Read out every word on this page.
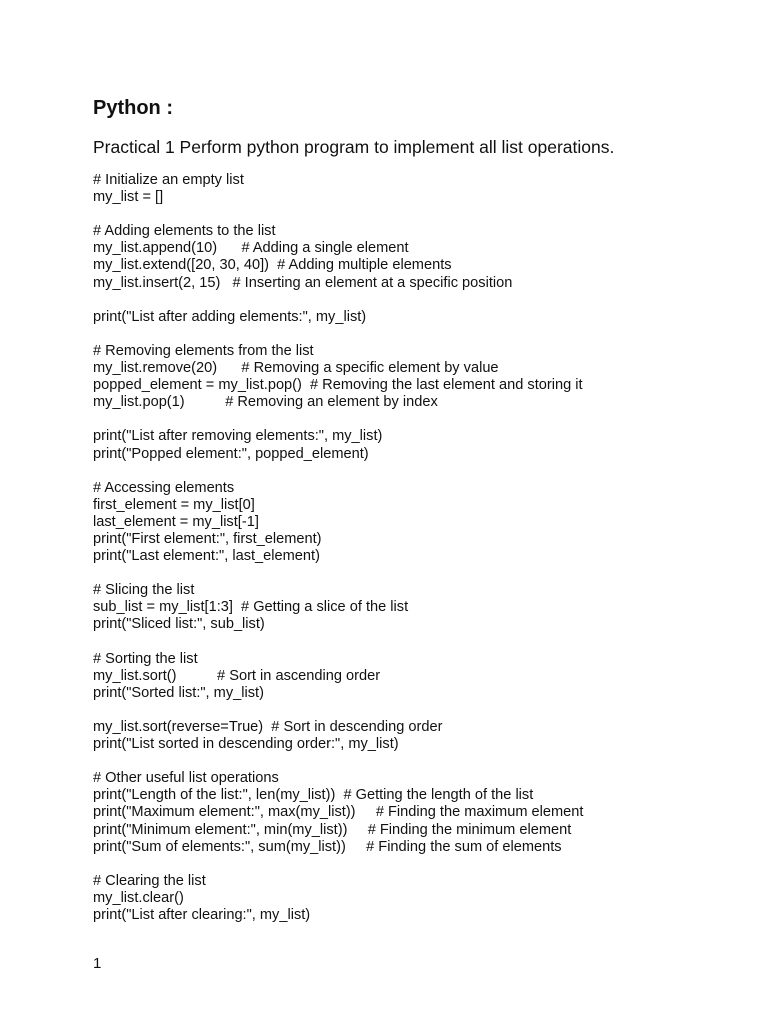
Python :

Practical 1 Perform python program to implement all list operations.

# Initialize an empty list
my_list = []
# Adding elements to the list
my_list.append(10)      # Adding a single element
my_list.extend([20, 30, 40])  # Adding multiple elements
my_list.insert(2, 15)   # Inserting an element at a specific position
print("List after adding elements:", my_list)
# Removing elements from the list
my_list.remove(20)      # Removing a specific element by value
popped_element = my_list.pop()  # Removing the last element and storing it
my_list.pop(1)          # Removing an element by index
print("List after removing elements:", my_list)
print("Popped element:", popped_element)
# Accessing elements
first_element = my_list[0]
last_element = my_list[-1]
print("First element:", first_element)
print("Last element:", last_element)
# Slicing the list
sub_list = my_list[1:3]  # Getting a slice of the list
print("Sliced list:", sub_list)
# Sorting the list
my_list.sort()          # Sort in ascending order
print("Sorted list:", my_list)
my_list.sort(reverse=True)  # Sort in descending order
print("List sorted in descending order:", my_list)
# Other useful list operations
print("Length of the list:", len(my_list))  # Getting the length of the list
print("Maximum element:", max(my_list))     # Finding the maximum element
print("Minimum element:", min(my_list))     # Finding the minimum element
print("Sum of elements:", sum(my_list))     # Finding the sum of elements
# Clearing the list
my_list.clear()
print("List after clearing:", my_list)
1
